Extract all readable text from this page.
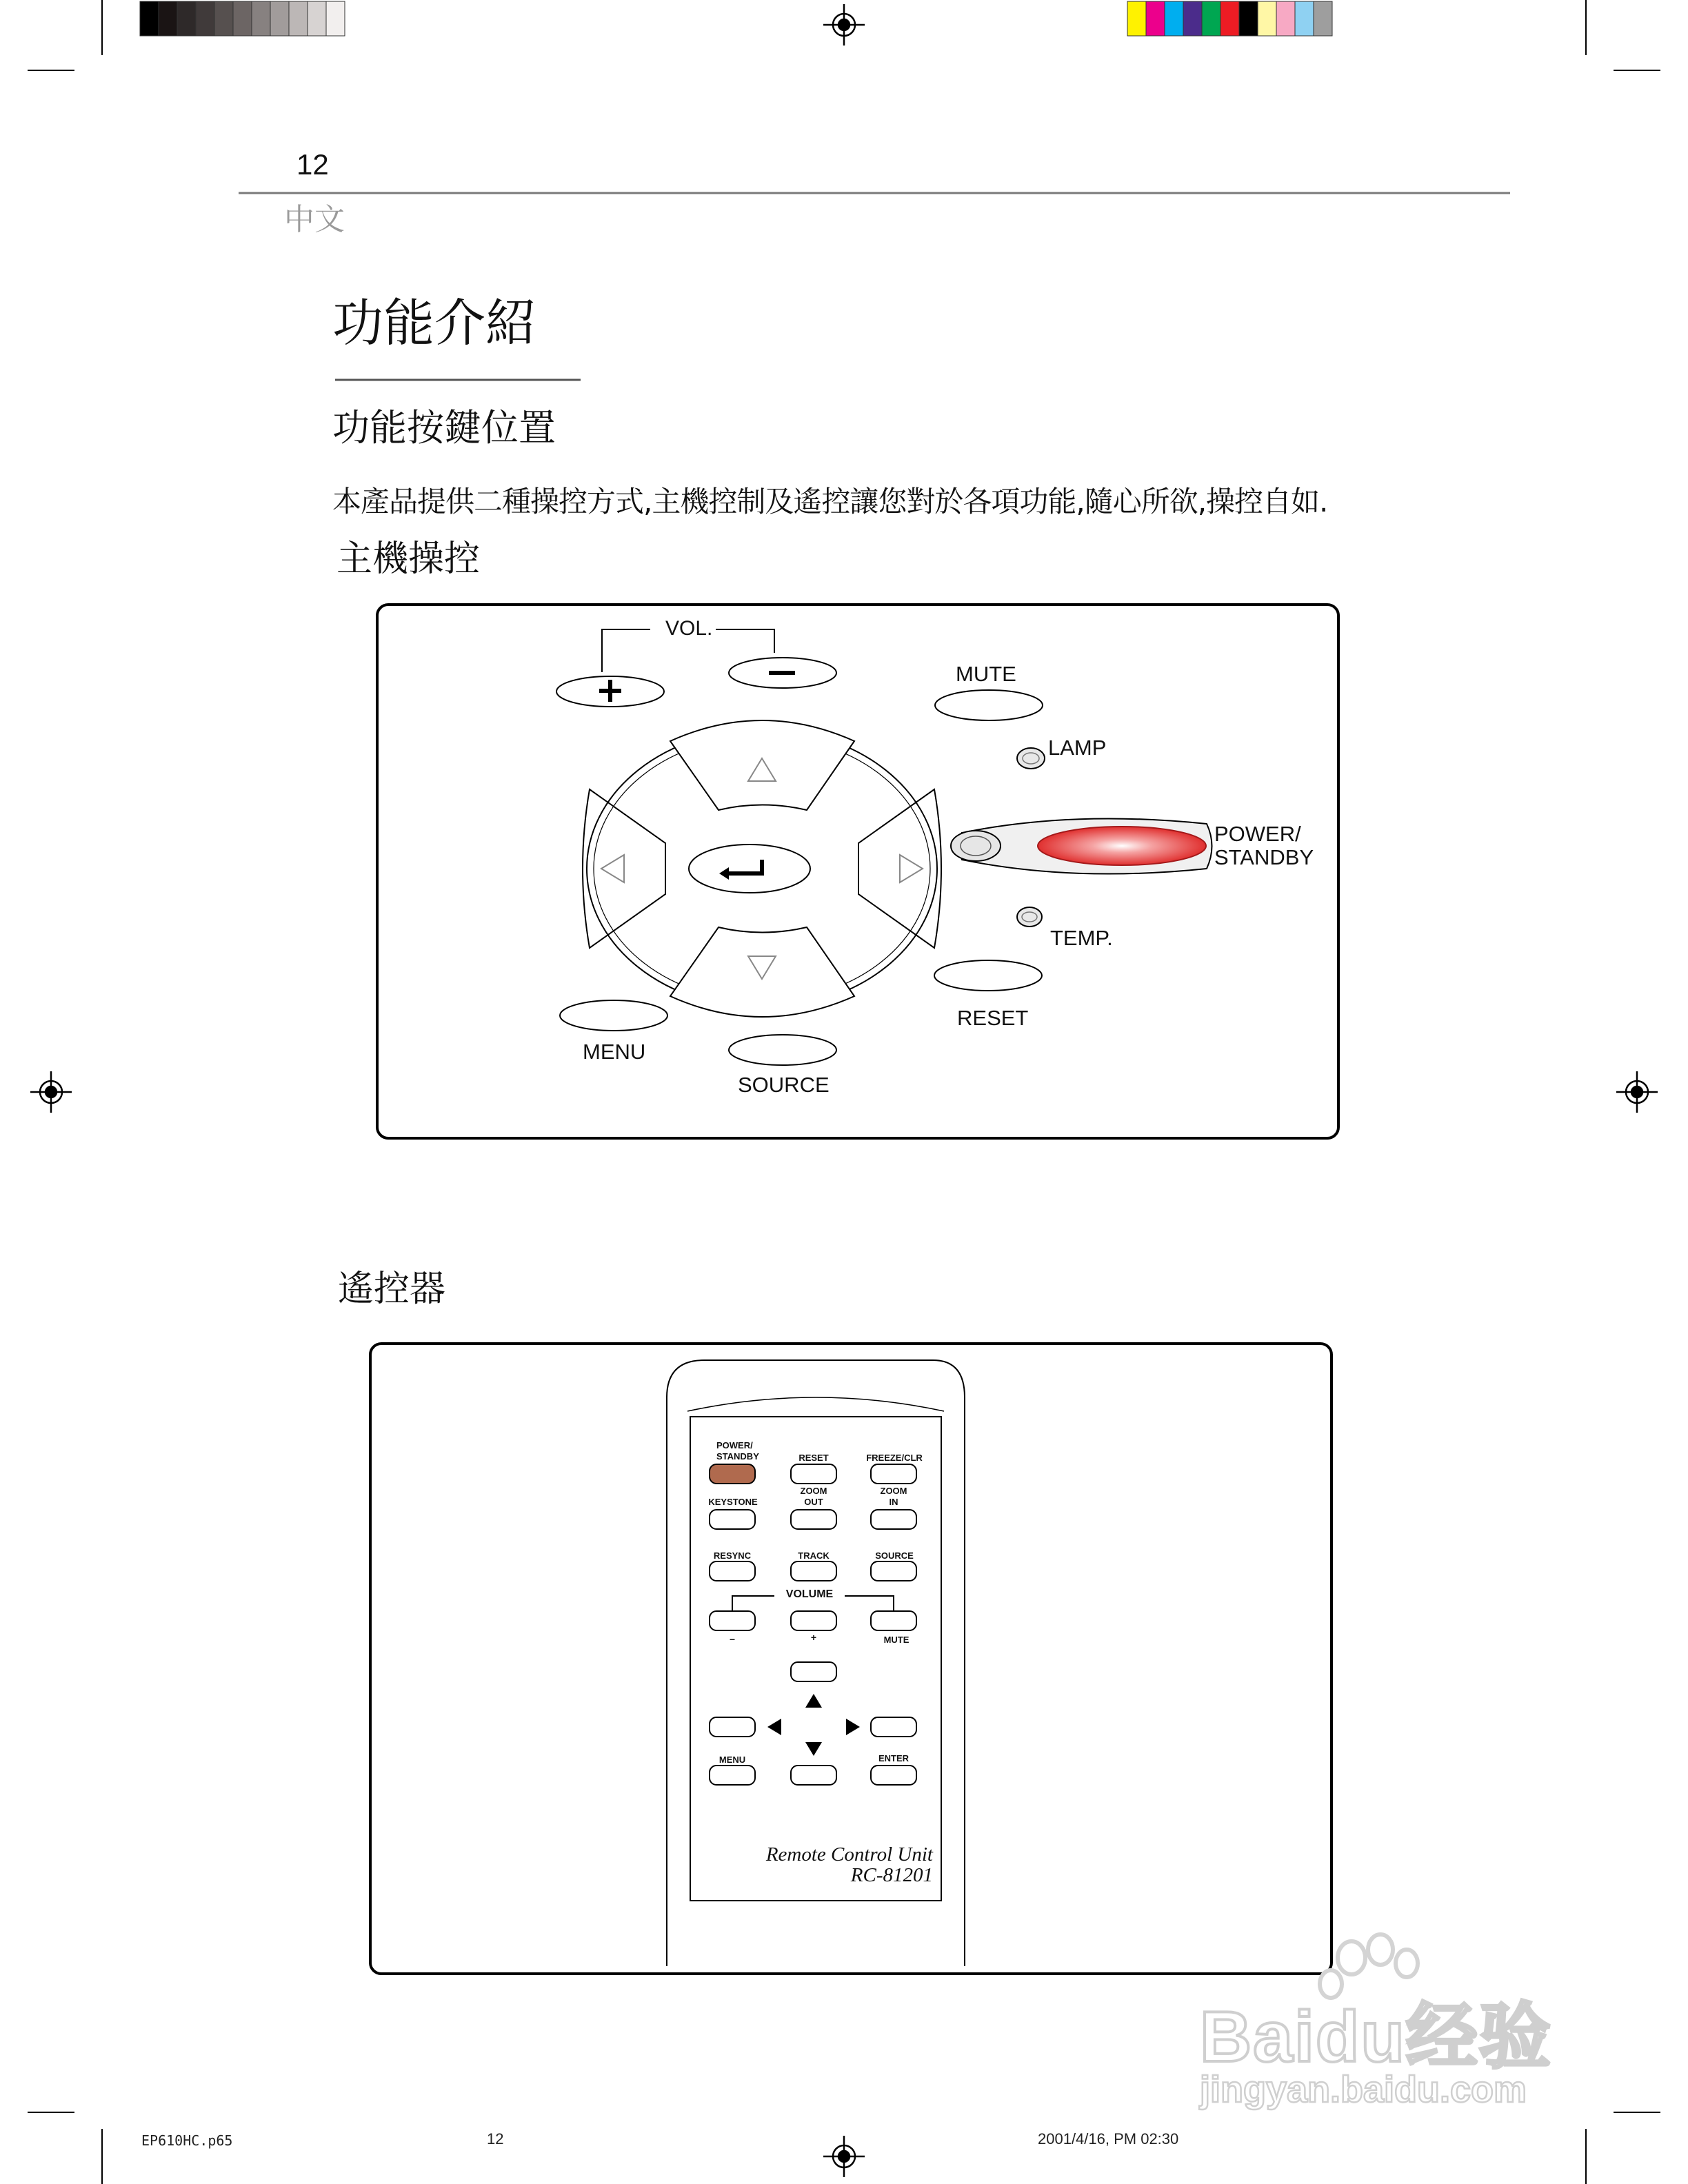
12
中文
功能介紹
功能按鍵位置
本產品提供二種操控方式,主機控制及遙控讓您對於各項功能,隨心所欲,操控自如.
主機操控
VOL.
MUTE
LAMP
POWER/
STANDBY
TEMP.
RESET
MENU
SOURCE
遙控器
POWER/
STANDBY	RESET	FREEZE/CLR
KEYSTONE
ZOOM
OUT
ZOOM
IN
RESYNC	TRACK	SOURCE
VOLUME
–	+	MUTE
MENU	ENTER
Remote Control Unit
RC-81201
Baidu经验
jingyan.baidu.com
EP610HC.p65	12	2001/4/16, PM 02:30
